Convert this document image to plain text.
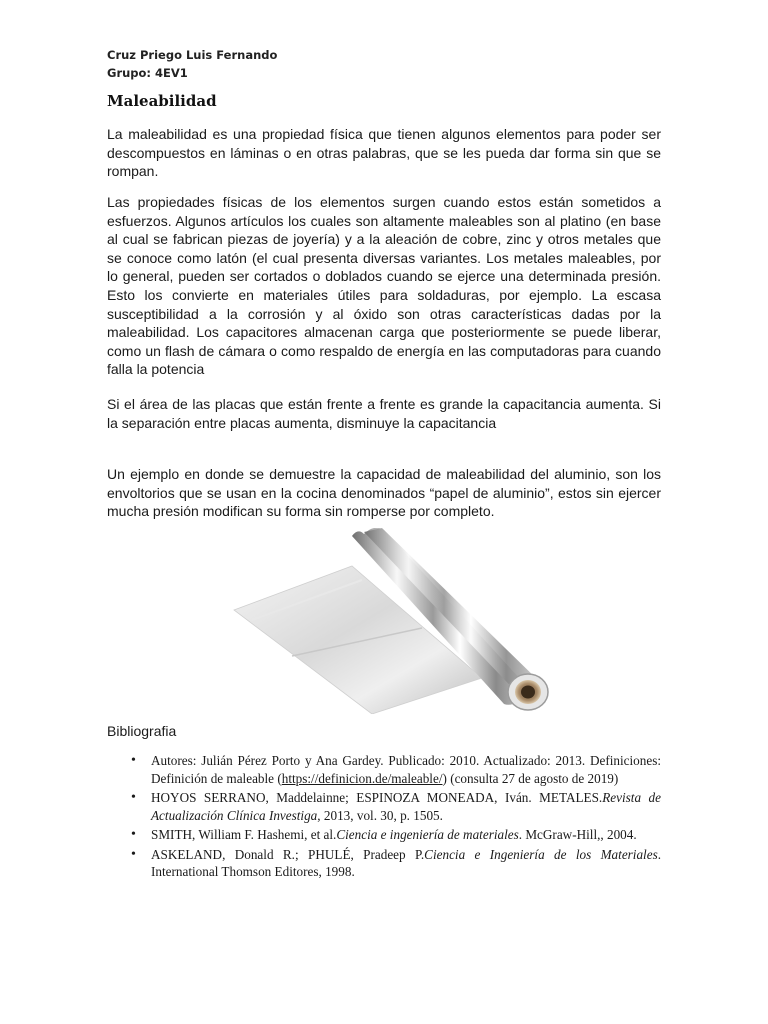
Cruz Priego Luis Fernando
Grupo: 4EV1
Maleabilidad

La maleabilidad es una propiedad física que tienen algunos elementos para poder ser descompuestos en láminas o en otras palabras, que se les pueda dar forma sin que se rompan.

Las propiedades físicas de los elementos surgen cuando estos están sometidos a esfuerzos. Algunos artículos los cuales son altamente maleables son al platino (en base al cual se fabrican piezas de joyería) y a la aleación de cobre, zinc y otros metales que se conoce como latón (el cual presenta diversas variantes. Los metales maleables, por lo general, pueden ser cortados o doblados cuando se ejerce una determinada presión. Esto los convierte en materiales útiles para soldaduras, por ejemplo. La escasa susceptibilidad a la corrosión y al óxido son otras características dadas por la maleabilidad. Los capacitores almacenan carga que posteriormente se puede liberar, como un flash de cámara o como respaldo de energía en las computadoras para cuando falla la potencia

Si el área de las placas que están frente a frente es grande la capacitancia aumenta. Si la separación entre placas aumenta, disminuye la capacitancia

Un ejemplo en donde se demuestre la capacidad de maleabilidad del aluminio, son los envoltorios que se usan en la cocina denominados “papel de aluminio”, estos sin ejercer mucha presión modifican su forma sin romperse por completo.

Bibliografia
• Autores: Julián Pérez Porto y Ana Gardey. Publicado: 2010. Actualizado: 2013. Definiciones: Definición de maleable (https://definicion.de/maleable/) (consulta 27 de agosto de 2019)
• HOYOS SERRANO, Maddelainne; ESPINOZA MONEADA, Iván. METALES.Revista de Actualización Clínica Investiga, 2013, vol. 30, p. 1505.
• SMITH, William F. Hashemi, et al.Ciencia e ingeniería de materiales. McGraw-Hill,, 2004.
• ASKELAND, Donald R.; PHULÉ, Pradeep P.Ciencia e Ingeniería de los Materiales. International Thomson Editores, 1998.
